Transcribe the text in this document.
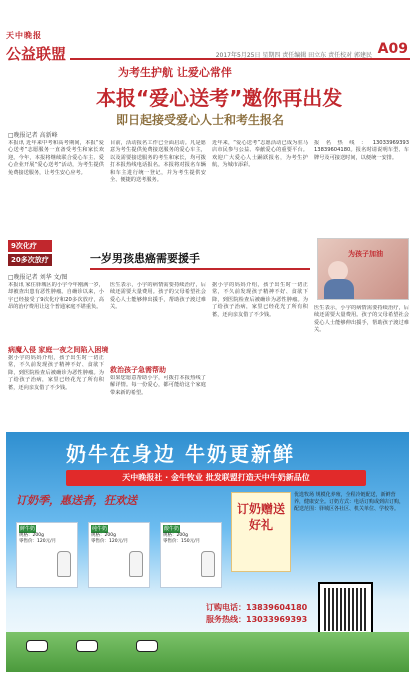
天中晚报
公益联盟	2017年5月25日 星期四 责任编辑 田立东 责任校对 郭建民 A09
为考生护航 让爱心常伴
本报“爱心送考”邀你再出发
即日起接受爱心人士和考生报名
□晚报记者 高新峰
本报讯 近年来中考和高考期间，本报“爱心送考”志愿服务一直备受考生和家长欢迎。今年，本报将继续联合爱心车主、爱心企业开展“爱心送考”活动，为考生提供免费接送服务，让考生安心应考。
目前，活动报名工作已全面启动。凡是愿意为考生提供免费接送服务的爱心车主，以及需要接送服务的考生和家长，均可拨打本报热线电话报名。本报将对报名车辆和车主进行统一登记，并为考生提供安全、便捷的送考服务。
近年来，“爱心送考”志愿活动已成为驻马店市民参与公益、奉献爱心的重要平台。欢迎广大爱心人士踊跃报名，为考生护航，为城市添彩。
报名热线：13033969393 13839604180。报名时请说明车型、车牌号及可接送时间，以便统一安排。
9次化疗
20多次放疗	一岁男孩患癌需要援手	为孩子加油
□晚报记者 刘华 文/图
本报讯 家住驿城区的小宇今年刚满一岁，却被查出患有恶性肿瘤。自确诊以来，小宇已经接受了9次化疗和20多次放疗，高昂的治疗费用让这个普通家庭不堪重负。
病魔入侵 家庭一夜之间陷入困境
据小宇的妈妈介绍，孩子出生时一切正常，不久前发现孩子精神不好、食欲下降，到医院检查后被确诊为恶性肿瘤。为了给孩子治病，家里已经花光了所有积蓄，还向亲友借了不少钱。
医生表示，小宇的病情需要持续治疗，后续还需要大量费用。孩子的父母希望社会爱心人士能够伸出援手，帮助孩子渡过难关。
救治孩子急需帮助
如果您愿意帮助小宇，可拨打本报热线了解详情。每一份爱心，都可能给这个家庭带来新的希望。
据小宇的妈妈介绍，孩子出生时一切正常，不久前发现孩子精神不好、食欲下降，到医院检查后被确诊为恶性肿瘤。为了给孩子治病，家里已经花光了所有积蓄，还向亲友借了不少钱。
医生表示，小宇的病情需要持续治疗，后续还需要大量费用。孩子的父母希望社会爱心人士能够伸出援手，帮助孩子渡过难关。
奶牛在身边 牛奶更新鲜
天中晚报社 · 金牛牧业 批发联盟打造天中牛奶新品位
订奶季，惠送者，狂欢送
鲜牛奶
规格：200g
零售价：120元/月
纯牛奶
规格：200g
零售价：120元/月
酸牛奶
规格：200g
零售价：150元/月
订奶赠送好礼
优选牧场 规模化养殖，全程冷链配送，新鲜营养，健康安全。订奶方式：电话订购或到店订购，配送范围：驿城区各社区、机关单位、学校等。
订购电话：13839604180
服务热线：13033969393
